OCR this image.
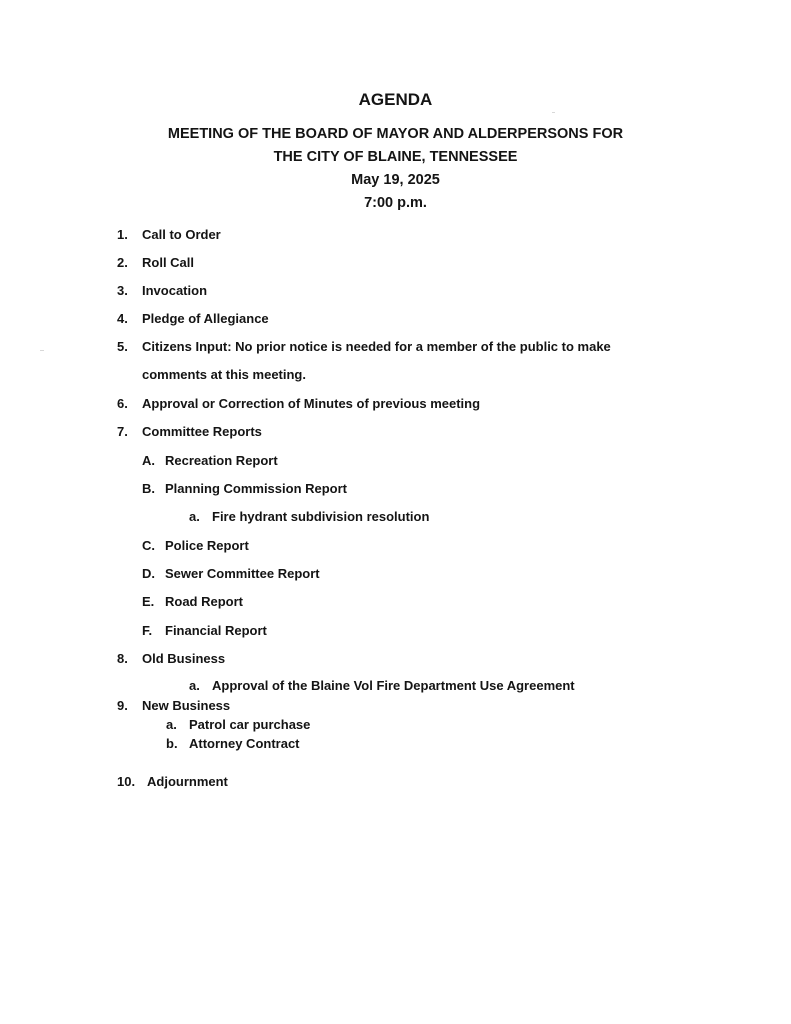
AGENDA
MEETING OF THE BOARD OF MAYOR AND ALDERPERSONS FOR
THE CITY OF BLAINE, TENNESSEE
May 19, 2025
7:00 p.m.
1. Call to Order
2. Roll Call
3. Invocation
4. Pledge of Allegiance
5. Citizens Input: No prior notice is needed for a member of the public to make
comments at this meeting.
6. Approval or Correction of Minutes of previous meeting
7. Committee Reports
A. Recreation Report
B. Planning Commission Report
a. Fire hydrant subdivision resolution
C. Police Report
D. Sewer Committee Report
E. Road Report
F. Financial Report
8. Old Business
a. Approval of the Blaine Vol Fire Department Use Agreement
9. New Business
a. Patrol car purchase
b. Attorney Contract
10. Adjournment
